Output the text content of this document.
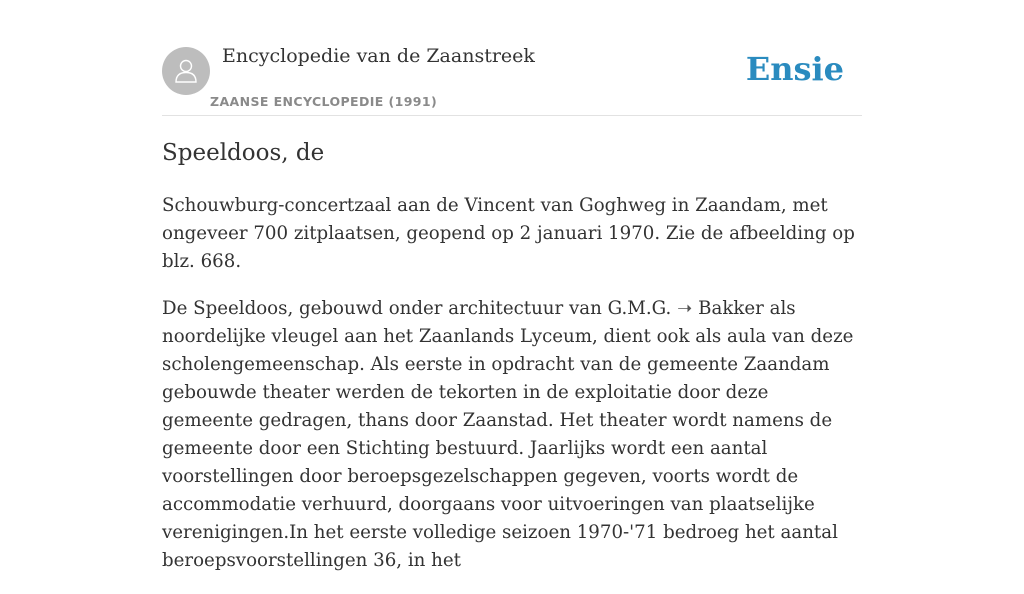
Encyclopedie van de Zaanstreek
ZAANSE ENCYCLOPEDIE (1991)
Ensie
Speeldoos, de

Schouwburg-concertzaal aan de Vincent van Goghweg in Zaandam, met ongeveer 700 zitplaatsen, geopend op 2 januari 1970. Zie de afbeelding op blz. 668.

De Speeldoos, gebouwd onder architectuur van G.M.G. ➝ Bakker als noordelijke vleugel aan het Zaanlands Lyceum, dient ook als aula van deze scholengemeenschap. Als eerste in opdracht van de gemeente Zaandam gebouwde theater werden de tekorten in de exploitatie door deze gemeente gedragen, thans door Zaanstad. Het theater wordt namens de gemeente door een Stichting bestuurd. Jaarlijks wordt een aantal voorstellingen door beroepsgezelschappen gegeven, voorts wordt de accommodatie verhuurd, doorgaans voor uitvoeringen van plaatselijke verenigingen.In het eerste volledige seizoen 1970-'71 bedroeg het aantal beroepsvoorstellingen 36, in het
